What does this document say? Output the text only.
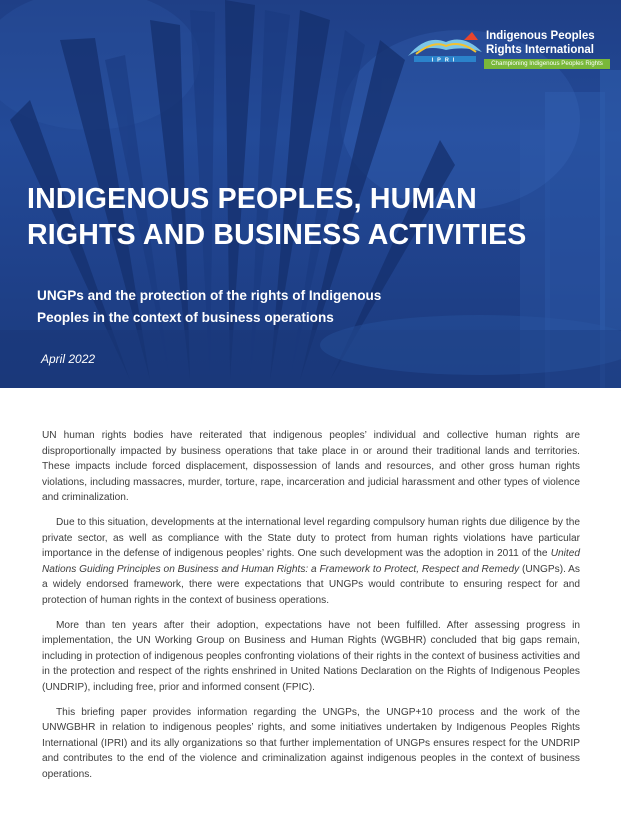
IPRI
Indigenous Peoples
Rights International
Championing Indigenous Peoples Rights
INDIGENOUS PEOPLES, HUMAN
RIGHTS AND BUSINESS ACTIVITIES
UNGPs and the protection of the rights of Indigenous
Peoples in the context of business operations
April 2022

UN human rights bodies have reiterated that indigenous peoples’ individual and collective human rights are disproportionally impacted by business operations that take place in or around their traditional lands and territories. These impacts include forced displacement, dispossession of lands and resources, and other gross human rights violations, including massacres, murder, torture, rape, incarceration and judicial harassment and other types of violence and criminalization.

Due to this situation, developments at the international level regarding compulsory human rights due diligence by the private sector, as well as compliance with the State duty to protect from human rights violations have particular importance in the defense of indigenous peoples’ rights. One such development was the adoption in 2011 of the United Nations Guiding Principles on Business and Human Rights: a Framework to Protect, Respect and Remedy (UNGPs). As a widely endorsed framework, there were expectations that UNGPs would contribute to ensuring respect for and protection of human rights in the context of business operations.

More than ten years after their adoption, expectations have not been fulfilled. After assessing progress in implementation, the UN Working Group on Business and Human Rights (WGBHR) concluded that big gaps remain, including in protection of indigenous peoples confronting violations of their rights in the context of business activities and in the protection and respect of the rights enshrined in United Nations Declaration on the Rights of Indigenous Peoples (UNDRIP), including free, prior and informed consent (FPIC).

This briefing paper provides information regarding the UNGPs, the UNGP+10 process and the work of the UNWGBHR in relation to indigenous peoples’ rights, and some initiatives undertaken by Indigenous Peoples Rights International (IPRI) and its ally organizations so that further implementation of UNGPs ensures respect for the UNDRIP and contributes to the end of the violence and criminalization against indigenous peoples in the context of business operations.
